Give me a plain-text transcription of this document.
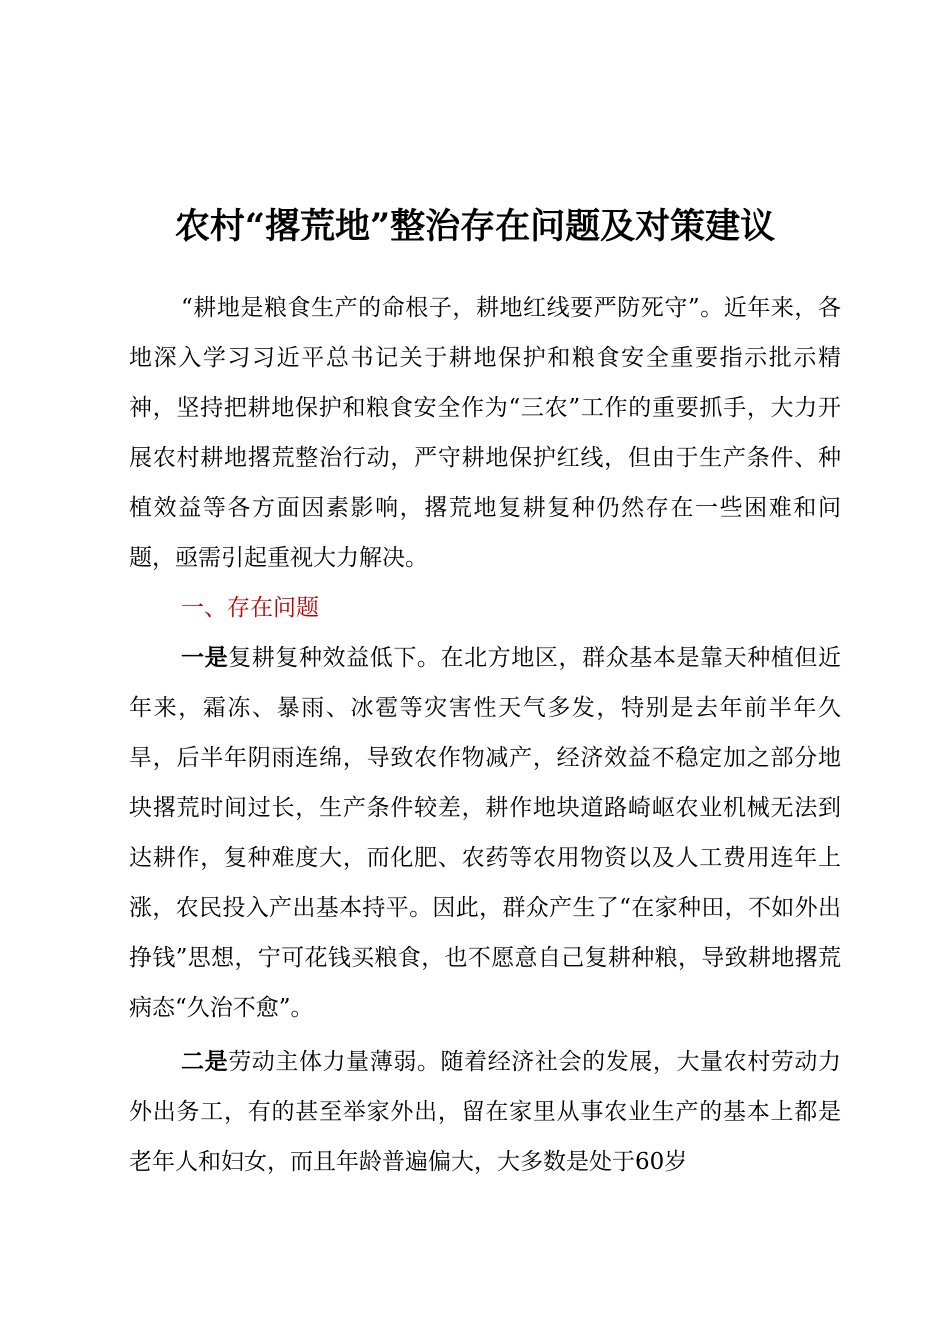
农村“撂荒地”整治存在问题及对策建议

“耕地是粮食生产的命根子，耕地红线要严防死守”。近年来，各地深入学习习近平总书记关于耕地保护和粮食安全重要指示批示精神，坚持把耕地保护和粮食安全作为“三农”工作的重要抓手，大力开展农村耕地撂荒整治行动，严守耕地保护红线，但由于生产条件、种植效益等各方面因素影响，撂荒地复耕复种仍然存在一些困难和问题，亟需引起重视大力解决。

一、存在问题

一是复耕复种效益低下。在北方地区，群众基本是靠天种植但近年来，霜冻、暴雨、冰雹等灾害性天气多发，特别是去年前半年久旱，后半年阴雨连绵，导致农作物减产，经济效益不稳定加之部分地块撂荒时间过长，生产条件较差，耕作地块道路崎岖农业机械无法到达耕作，复种难度大，而化肥、农药等农用物资以及人工费用连年上涨，农民投入产出基本持平。因此，群众产生了“在家种田，不如外出挣钱”思想，宁可花钱买粮食，也不愿意自己复耕种粮，导致耕地撂荒病态“久治不愈”。

二是劳动主体力量薄弱。随着经济社会的发展，大量农村劳动力外出务工，有的甚至举家外出，留在家里从事农业生产的基本上都是老年人和妇女，而且年龄普遍偏大，大多数是处于60岁
